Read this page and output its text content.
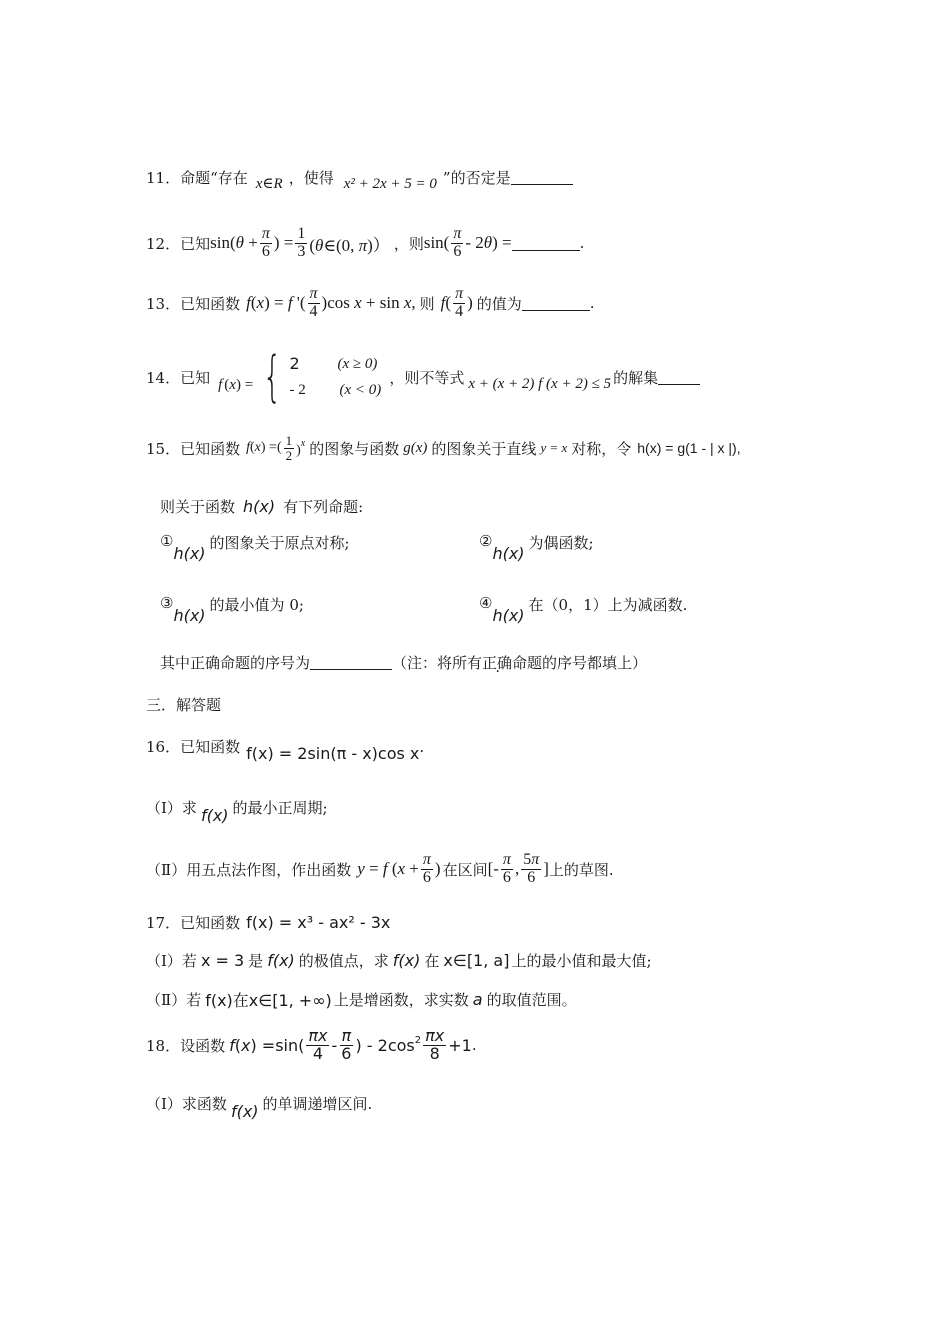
11． 命题“存在 x∈R ，使得 x² + 2x + 5 = 0 ”的否定是
12． 已知 $\sin(\theta + \frac{\pi}{6}$ ) = $\frac{1}{3}$ (θ∈(0, π)） ，则 $\sin( \frac{\pi}{6} - 2\theta)$ =	.
13． 已知函数 f(x) = f '( $\frac{\pi}{4} )\cos$ x + sin x, 则 $f( \frac{\pi}{4}$ ) 的值为	.
14． 已知 f (x) = { 2	(x ≥ 0)
- 2	(x < 0)
，则不等式 x + (x + 2) f (x + 2) ≤ 5 的解集
15． 已知函数 f(x) =( $\frac{1}{2} )^x$ 的图象与函数 g(x) 的图象关于直线 y = x 对称，令 h(x) = g(1 - | x |),
则关于函数 h(x) 有下列命题:
①
h(x)
的图象关于原点对称;	②
h(x)
为偶函数;
③
h(x)
的最小值为 0;	④
h(x)
在（0，1）上为减函数.
其中正确命题的序号为	（注：将所有 正确 · 命题的序号都填上）
三．解答题
16． 已知函数 f(x) = 2sin(π - x)cos x .
（Ⅰ）求 f(x) 的最小正周期;
（Ⅱ）用五点法作图，作出函数 y = f ($x + \frac{\pi}{6}$ ) 在区间 [- $\frac{\pi}{6}$ , $\frac{5\pi}{6}$ ] 上的草图.
17． 已知函数 f(x) = x³ - ax² - 3x
（Ⅰ）若 x = 3 是 f(x) 的极值点，求 f(x) 在 x∈[1, a] 上的最小值和最大值;
（Ⅱ）若 f(x)在x∈[1, +∞) 上是增函数，求实数 a 的取值范围。
18． 设函数 $f(x) =\sin( \frac{\pi x}{4} - \frac{\pi}{6}$ ) - $2\cos^2 \frac{\pi x}{8} +1$ .
（Ⅰ）求函数 f(x) 的单调递增区间.
